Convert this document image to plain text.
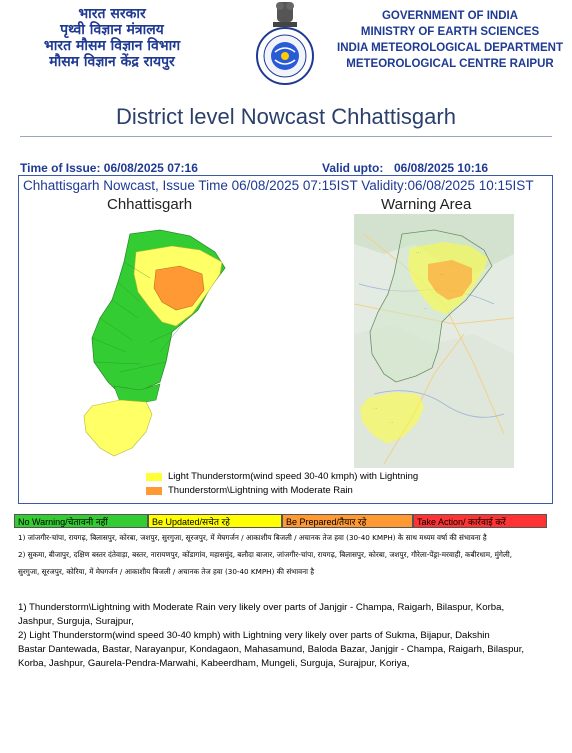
भारत सरकार
पृथ्वी विज्ञान मंत्रालय
भारत मौसम विज्ञान विभाग
मौसम विज्ञान केंद्र रायपुर
GOVERNMENT OF INDIA
MINISTRY OF EARTH SCIENCES
INDIA METEOROLOGICAL DEPARTMENT
METEOROLOGICAL CENTRE RAIPUR
District level Nowcast Chhattisgarh
Time of Issue: 06/08/2025 07:16	Valid upto: 06/08/2025 10:16
Chhattisgarh Nowcast, Issue Time 06/08/2025 07:15IST Validity:06/08/2025 10:15IST
Chhattisgarh	Warning Area
· · ·
· ·
· ·
· ·
· ·
Light Thunderstorm(wind speed 30-40 kmph) with Lightning
Thunderstorm\Lightning with Moderate Rain
No Warning/चेतावनी नहीं	Be Updated/सचेत रहे	Be Prepared/तैयार रहे	Take Action/ कार्रवाई करें
1) जांजगीर-चांपा, रायगढ़, बिलासपुर, कोरबा, जशपुर, सुरगुजा, सूरजपुर, में मेघगर्जन / आकाशीय बिजली / अचानक तेज हवा (30-40 KMPH) के साथ मध्यम वर्षा की संभावना है
2) सुकमा, बीजापुर, दक्षिण बस्तर दंतेवाड़ा, बस्तर, नारायणपुर, कोंडागांव, महासमुंद, बलौदा बाजार, जांजगीर-चांपा, रायगढ़, बिलासपुर, कोरबा, जशपुर, गौरेला-पेंड्रा-मरवाही, कबीरधाम, मुंगेली,
सुरगुजा, सूरजपुर, कोरिया, में मेघगर्जन / आकाशीय बिजली / अचानक तेज हवा (30-40 KMPH) की संभावना है
1) Thunderstorm\Lightning with Moderate Rain very likely over parts of Janjgir - Champa, Raigarh, Bilaspur, Korba,
Jashpur, Surguja, Surajpur,
2) Light Thunderstorm(wind speed 30-40 kmph) with Lightning very likely over parts of Sukma, Bijapur, Dakshin
Bastar Dantewada, Bastar, Narayanpur, Kondagaon, Mahasamund, Baloda Bazar, Janjgir - Champa, Raigarh, Bilaspur,
Korba, Jashpur, Gaurela-Pendra-Marwahi, Kabeerdham, Mungeli, Surguja, Surajpur, Koriya,
